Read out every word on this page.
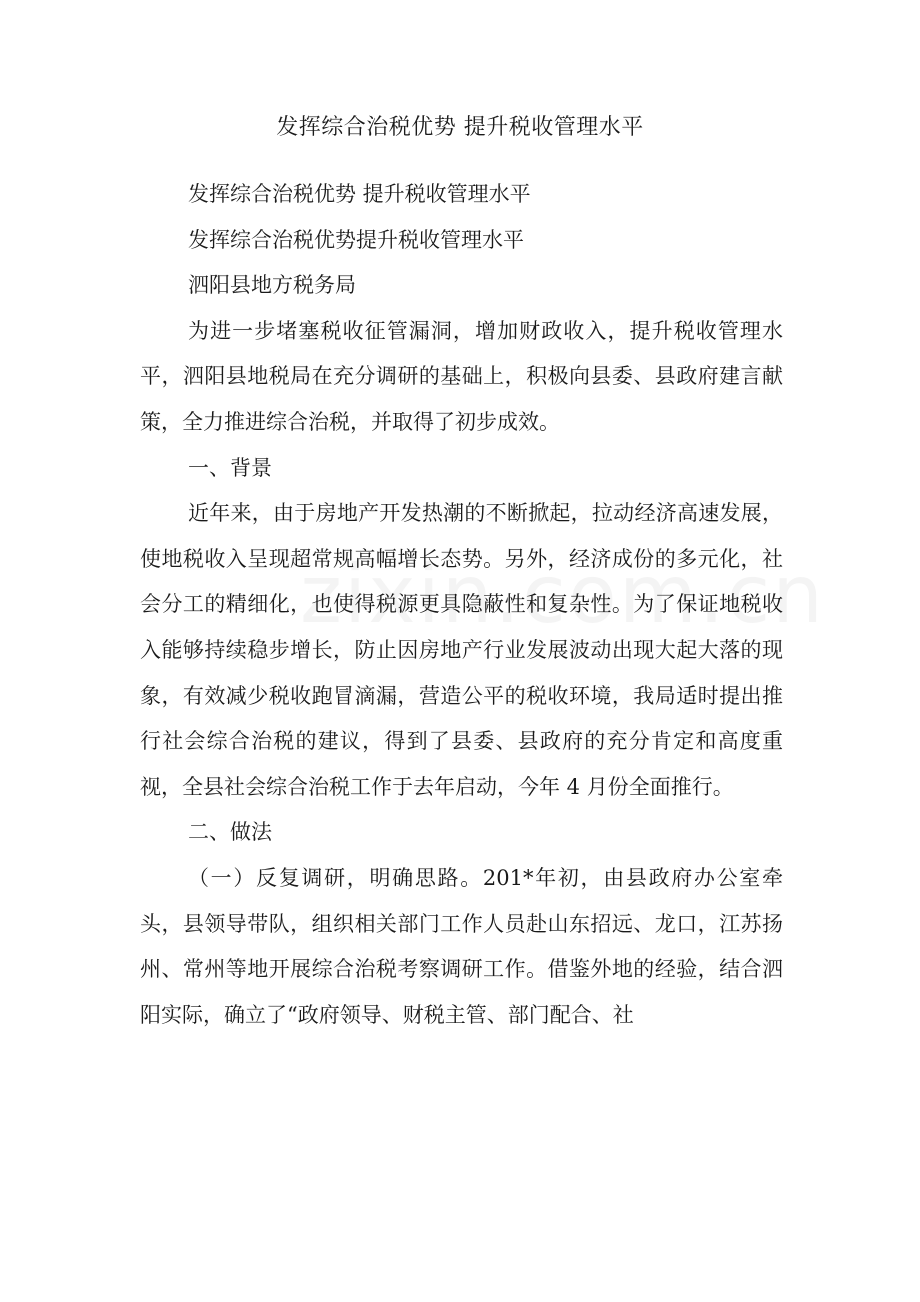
发挥综合治税优势 提升税收管理水平

发挥综合治税优势 提升税收管理水平

发挥综合治税优势提升税收管理水平

泗阳县地方税务局

为进一步堵塞税收征管漏洞，增加财政收入，提升税收管理水平，泗阳县地税局在充分调研的基础上，积极向县委、县政府建言献策，全力推进综合治税，并取得了初步成效。

一、背景

近年来，由于房地产开发热潮的不断掀起，拉动经济高速发展，使地税收入呈现超常规高幅增长态势。另外，经济成份的多元化，社会分工的精细化，也使得税源更具隐蔽性和复杂性。为了保证地税收入能够持续稳步增长，防止因房地产行业发展波动出现大起大落的现象，有效减少税收跑冒滴漏，营造公平的税收环境，我局适时提出推行社会综合治税的建议，得到了县委、县政府的充分肯定和高度重视，全县社会综合治税工作于去年启动，今年 4 月份全面推行。

二、做法

（一）反复调研，明确思路。201*年初，由县政府办公室牵头，县领导带队，组织相关部门工作人员赴山东招远、龙口，江苏扬州、常州等地开展综合治税考察调研工作。借鉴外地的经验，结合泗阳实际，确立了“政府领导、财税主管、部门配合、社
